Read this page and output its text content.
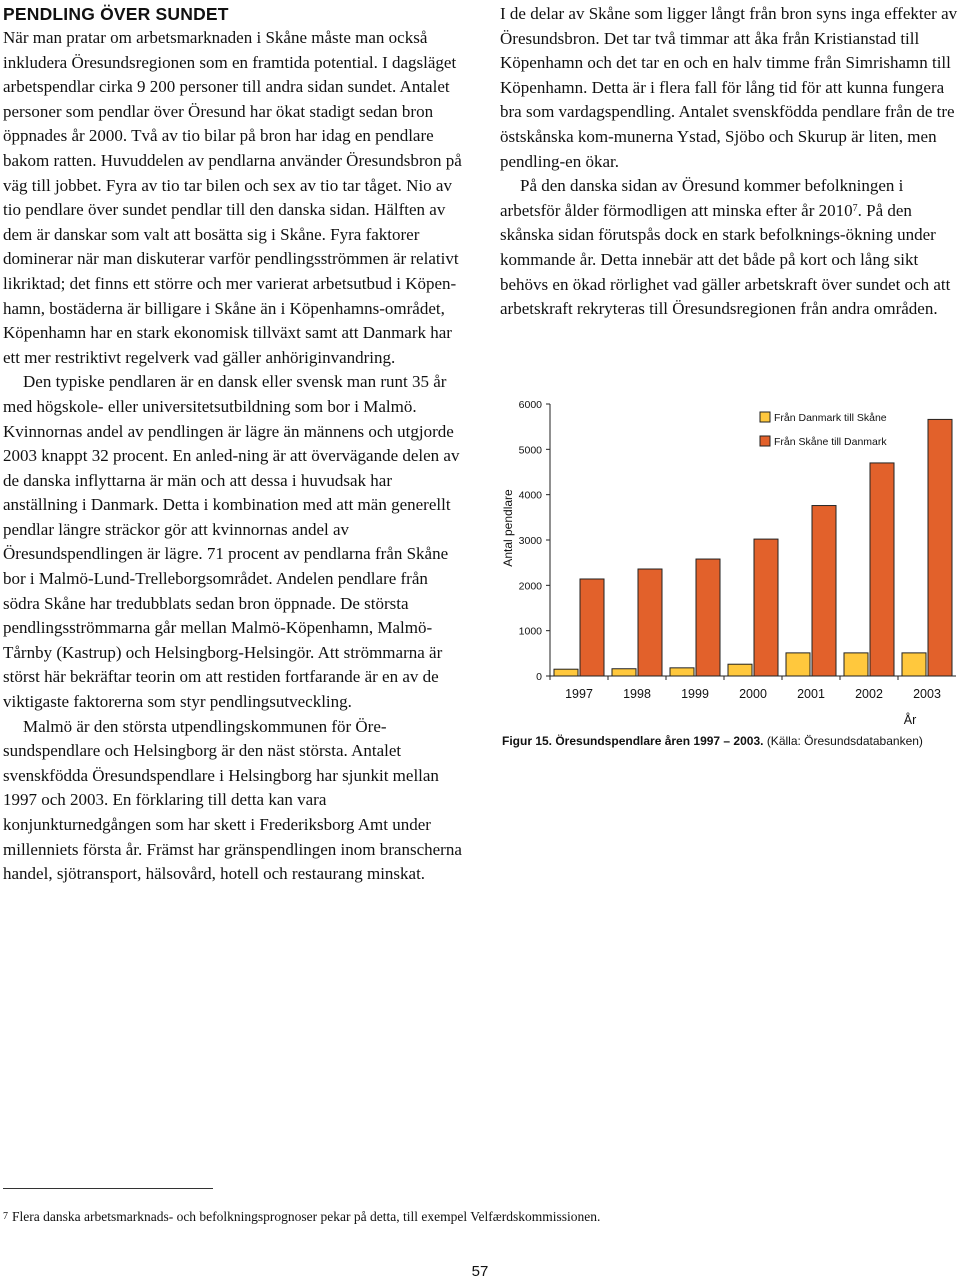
PENDLING ÖVER SUNDET

När man pratar om arbetsmarknaden i Skåne måste man också inkludera Öresundsregionen som en framtida potential. I dagsläget arbetspendlar cirka 9 200 personer till andra sidan sundet. Antalet personer som pendlar över Öresund har ökat stadigt sedan bron öppnades år 2000. Två av tio bilar på bron har idag en pendlare bakom ratten. Huvuddelen av pendlarna använder Öresundsbron på väg till jobbet. Fyra av tio tar bilen och sex av tio tar tåget. Nio av tio pendlare över sundet pendlar till den danska sidan. Hälften av dem är danskar som valt att bosätta sig i Skåne. Fyra faktorer dominerar när man diskuterar varför pendlingsströmmen är relativt likriktad; det finns ett större och mer varierat arbetsutbud i Köpen-hamn, bostäderna är billigare i Skåne än i Köpenhamns-området, Köpenhamn har en stark ekonomisk tillväxt samt att Danmark har ett mer restriktivt regelverk vad gäller anhöriginvandring.

Den typiske pendlaren är en dansk eller svensk man runt 35 år med högskole- eller universitetsutbildning som bor i Malmö. Kvinnornas andel av pendlingen är lägre än männens och utgjorde 2003 knappt 32 procent. En anled-ning är att övervägande delen av de danska inflyttarna är män och att dessa i huvudsak har anställning i Danmark. Detta i kombination med att män generellt pendlar längre sträckor gör att kvinnornas andel av Öresundspendlingen är lägre. 71 procent av pendlarna från Skåne bor i Malmö-Lund-Trelleborgsområdet. Andelen pendlare från södra Skåne har tredubblats sedan bron öppnade. De största pendlingsströmmarna går mellan Malmö-Köpenhamn, Malmö-Tårnby (Kastrup) och Helsingborg-Helsingör. Att strömmarna är störst här bekräftar teorin om att restiden fortfarande är en av de viktigaste faktorerna som styr pendlingsutveckling.

Malmö är den största utpendlingskommunen för Öre-sundspendlare och Helsingborg är den näst största. Antalet svenskfödda Öresundspendlare i Helsingborg har sjunkit mellan 1997 och 2003. En förklaring till detta kan vara konjunkturnedgången som har skett i Frederiksborg Amt under millenniets första år. Främst har gränspendlingen inom branscherna handel, sjötransport, hälsovård, hotell och restaurang minskat.

I de delar av Skåne som ligger långt från bron syns inga effekter av Öresundsbron. Det tar två timmar att åka från Kristianstad till Köpenhamn och det tar en och en halv timme från Simrishamn till Köpenhamn. Detta är i flera fall för lång tid för att kunna fungera bra som vardagspendling. Antalet svenskfödda pendlare från de tre östskånska kom-munerna Ystad, Sjöbo och Skurup är liten, men pendling-en ökar.

På den danska sidan av Öresund kommer befolkningen i arbetsför ålder förmodligen att minska efter år 2010$^7$. På den skånska sidan förutspås dock en stark befolknings-ökning under kommande år. Detta innebär att det både på kort och lång sikt behövs en ökad rörlighet vad gäller arbetskraft över sundet och att arbetskraft rekryteras till Öresundsregionen från andra områden.

6000
5000
4000
3000
2000
1000
0
1997 1998 1999 2000 2001 2002 2003
Från Danmark till Skåne
Från Skåne till Danmark
Antal pendlare
År
Figur 15. Öresundspendlare åren 1997 – 2003. (Källa: Öresundsdatabanken)
$^7$ Flera danska arbetsmarknads- och befolkningsprognoser pekar på detta, till exempel Velfærdskommissionen.
57
